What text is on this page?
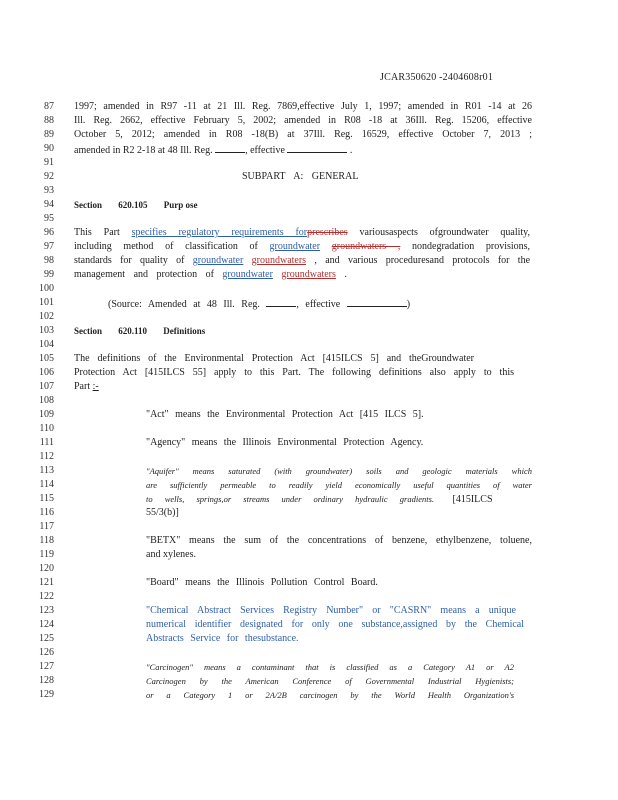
JCAR350620 -2404608r01
87
88
89
90
91
92
93
94
95
96
97
98
99
100
101
102
103
104
105
106
107
108
109
110
111
112
113
114
115
116
117
118
119
120
121
122
123
124
125
126
127
128
129
1997; amended in R97 -11 at 21 Ill. Reg. 7869,effective July 1, 1997; amended in R01 -14 at 26
Ill. Reg. 2662, effective February 5, 2002; amended in R08 -18 at 36Ill. Reg. 15206, effective
October 5, 2012; amended in R08 -18(B) at 37Ill. Reg. 16529, effective October 7, 2013 ;
amended in R2 2-18 at 48 Ill. Reg.	, effective	.
SUBPART A: GENERAL
Section 620.105 Purp ose
This Part specifies regulatory requirements forprescribes variousaspects ofgroundwater quality,
including method of classification of groundwater groundwaters , nondegradation provisions,
standards for quality of groundwater groundwaters , and various proceduresand protocols for the
management and protection of groundwater groundwaters .
(Source: Amended at 48 Ill. Reg.	, effective	)
Section 620.110 Definitions
The definitions of the Environmental Protection Act [415ILCS 5] and theGroundwater
Protection Act [415ILCS 55] apply to this Part. The following definitions also apply to this
Part :-
"Act" means the Environmental Protection Act [415 ILCS 5].
"Agency" means the Illinois Environmental Protection Agency.
"Aquifer" means saturated (with groundwater) soils and geologic materials which
are sufficiently permeable to readily yield economically useful quantities of water
to wells, springs,or streams under ordinary hydraulic gradients. [415ILCS
55/3(b)]
"BETX" means the sum of the concentrations of benzene, ethylbenzene, toluene,
and xylenes.
"Board" means the Illinois Pollution Control Board.
"Chemical Abstract Services Registry Number" or "CASRN" means a unique
numerical identifier designated for only one substance,assigned by the Chemical
Abstracts Service for thesubstance.
"Carcinogen" means a contaminant that is classified as a Category A1 or A2
Carcinogen by the American Conference of Governmental Industrial Hygienists;
or a Category 1 or 2A/2B carcinogen by the World Health Organization's
